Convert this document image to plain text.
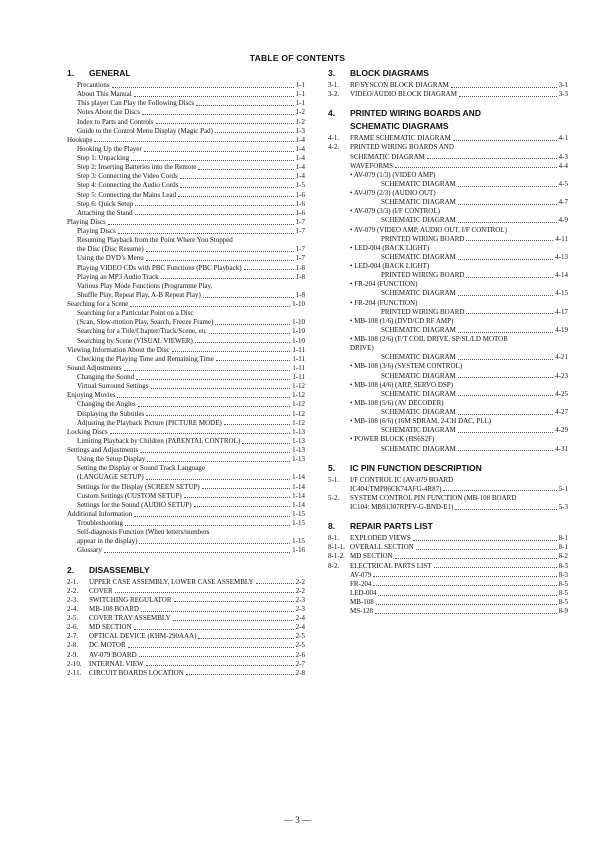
TABLE OF CONTENTS
1.	GENERAL
Precautions	1-1
About This Manual	1-1
This player Can Play the Following Discs	1-1
Notes About the Discs	1-2
Index to Parts and Controls	1-2
Guide to the Control Menu Display (Magic Pad)	1-3
Hookups	1-4
Hooking Up the Player	1-4
Step 1: Unpacking	1-4
Step 2: Inserting Batteries into the Remote	1-4
Step 3: Connecting the Video Cords	1-4
Step 4: Connecting the Audio Cords	1-5
Step 5: Connecting the Mains Lead	1-6
Step 6: Quick Setup	1-6
Attaching the Stand	1-6
Playing Discs	1-7
Playing Discs	1-7
Resuming Playback from the Point Where You Stopped
the Disc (Disc Resume)	1-7
Using the DVD’s Menu	1-7
Playing VIDEO CDs with PBC Functions (PBC Playback)	1-8
Playing an MP3 Audio Track	1-8
Various Play Mode Functions (Programme Play,
Shuffle Play, Repeat Play, A-B Repeat Play)	1-8
Searching for a Scene	1-10
Searching for a Particular Point on a Disc
(Scan, Slow-motion Play, Search, Freeze Frame)	1-10
Searching for a Title/Chapter/Track/Scene, etc	1-10
Searching by Scene (VISUAL VIEWER)	1-10
Viewing Information About the Disc	1-11
Checking the Playing Time and Remaining Time	1-11
Sound Adjustments	1-11
Changing the Sound	1-11
Virtual Surround Settings	1-12
Enjoying Movies	1-12
Changing the Angles	1-12
Displaying the Subtitles	1-12
Adjusting the Playback Picture (PICTURE MODE)	1-12
Locking Discs	1-13
Limiting Playback by Children (PARENTAL CONTROL)	1-13
Settings and Adjustments	1-13
Using the Setup Display	1-13
Setting the Display or Sound Track Language
(LANGUAGE SETUP)	1-14
Settings for the Display (SCREEN SETUP)	1-14
Custom Settings (CUSTOM SETUP)	1-14
Settings for the Sound (AUDIO SETUP)	1-14
Additional Information	1-15
Troubleshooting	1-15
Self-diagnosis Function (When letters/numbers
appear in the display)	1-15
Glossary	1-16
2.	DISASSEMBLY
2-1.	UPPER CASE ASSEMBLY, LOWER CASE ASSEMBLY	2-2
2-2.	COVER	2-2
2-3.	SWITCHING REGULATOR	2-3
2-4.	MB-108 BOARD	2-3
2-5.	COVER TRAY ASSEMBLY	2-4
2-6.	MD SECTION	2-4
2-7.	OPTICAL DEVICE (KHM-290AAA)	2-5
2-8.	DC MOTOR	2-5
2-9.	AV-079 BOARD	2-6
2-10.	INTERNAL VIEW	2-7
2-11.	CIRCUIT BOARDS LOCATION	2-8
3.	BLOCK DIAGRAMS
3-1.	RF/SYSCON BLOCK DIAGRAM	3-1
3-2.	VIDEO/AUDIO BLOCK DIAGRAM	3-3
4.	PRINTED WIRING BOARDS AND
SCHEMATIC DIAGRAMS
4-1.	FRAME SCHEMATIC DIAGRAM	4-1
4-2.	PRINTED WIRING BOARDS AND
SCHEMATIC DIAGRAM	4-3
WAVEFORMS	4-4
• AV-079 (1/3) (VIDEO AMP)
SCHEMATIC DIAGRAM	4-5
• AV-079 (2/3) (AUDIO OUT)
SCHEMATIC DIAGRAM	4-7
• AV-079 (3/3) (I/F CONTROL)
SCHEMATIC DIAGRAM	4-9
• AV-079 (VIDEO AMP, AUDIO OUT, I/F CONTROL)
PRINTED WIRING BOARD	4-11
• LED-004 (BACK LIGHT)
SCHEMATIC DIAGRAM	4-13
• LED-004 (BACK LIGHT)
PRINTED WIRING BOARD	4-14
• FR-204 (FUNCTION)
SCHEMATIC DIAGRAM	4-15
• FR-204 (FUNCTION)
PRINTED WIRING BOARD	4-17
• MB-108 (1/6) (DVD/CD RF AMP)
SCHEMATIC DIAGRAM	4-19
• MB-108 (2/6) (F/T COIL DRIVE, SP/SL/LD MOTOR
DRIVE)
SCHEMATIC DIAGRAM	4-21
• MB-108 (3/6) (SYSTEM CONTROL)
SCHEMATIC DIAGRAM	4-23
• MB-108 (4/6) (ARP, SERVO DSP)
SCHEMATIC DIAGRAM	4-25
• MB-108 (5/6) (AV DECODER)
SCHEMATIC DIAGRAM	4-27
• MB-108 (6/6) (16M SDRAM, 2-CH DAC, PLL)
SCHEMATIC DIAGRAM	4-29
• POWER BLOCK (HS6S2F)
SCHEMATIC DIAGRAM	4-31
5.	IC PIN FUNCTION DESCRIPTION
5-1.	I/F CONTROL IC (AV-079 BOARD
IC404:TMP86CK74AFG-4R87)	5-1
5-2.	SYSTEM CONTROL PIN FUNCTION (MB-108 BOARD
IC104: MB91307RPFV-G-BND-E1)	5-3
8.	REPAIR PARTS LIST
8-1.	EXPLODED VIEWS	8-1
8-1-1. OVERALL SECTION	8-1
8-1-2. MD SECTION	8-2
8-2.	ELECTRICAL PARTS LIST	8-3
AV-079	8-3
FR-204	8-5
LED-004	8-5
MB-108	8-5
MS-128	8-9
— 3 —
